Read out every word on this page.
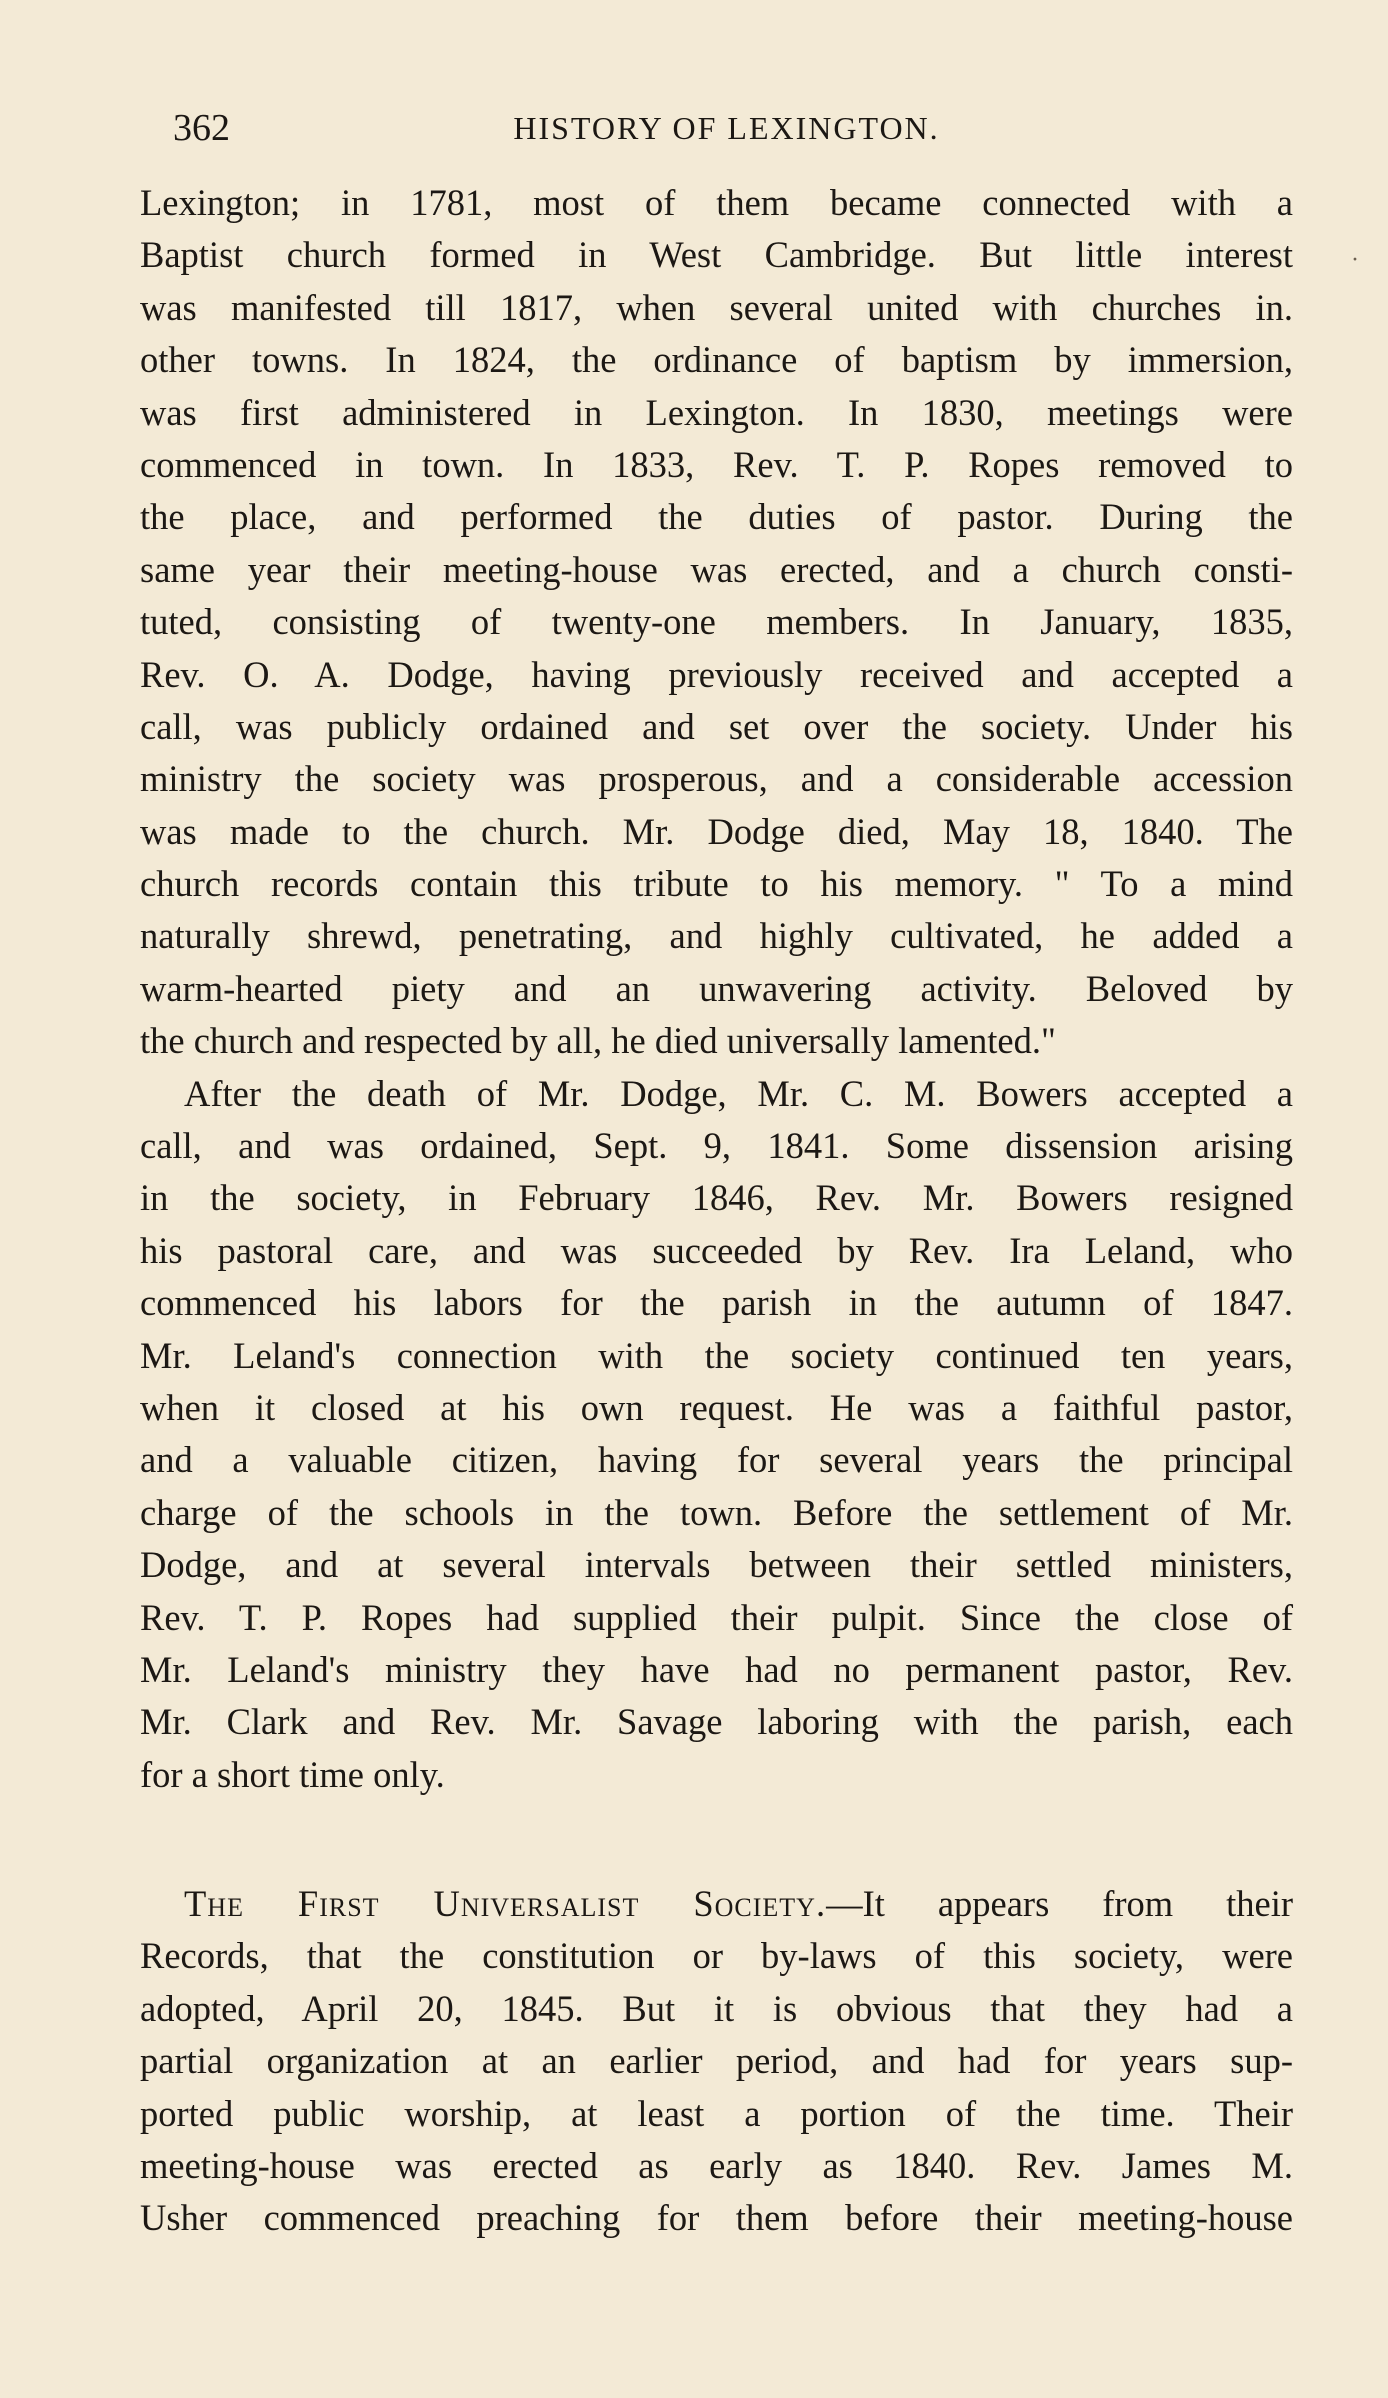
362	HISTORY OF LEXINGTON.
·
Lexington; in 1781, most of them became connected with a
Baptist church formed in West Cambridge. But little interest
was manifested till 1817, when several united with churches in.
other towns. In 1824, the ordinance of baptism by immersion,
was first administered in Lexington. In 1830, meetings were
commenced in town. In 1833, Rev. T. P. Ropes removed to
the place, and performed the duties of pastor. During the
same year their meeting-house was erected, and a church consti-
tuted, consisting of twenty-one members. In January, 1835,
Rev. O. A. Dodge, having previously received and accepted a
call, was publicly ordained and set over the society. Under his
ministry the society was prosperous, and a considerable accession
was made to the church. Mr. Dodge died, May 18, 1840. The
church records contain this tribute to his memory. " To a mind
naturally shrewd, penetrating, and highly cultivated, he added a
warm-hearted piety and an unwavering activity. Beloved by
the church and respected by all, he died universally lamented."
After the death of Mr. Dodge, Mr. C. M. Bowers accepted a
call, and was ordained, Sept. 9, 1841. Some dissension arising
in the society, in February 1846, Rev. Mr. Bowers resigned
his pastoral care, and was succeeded by Rev. Ira Leland, who
commenced his labors for the parish in the autumn of 1847.
Mr. Leland's connection with the society continued ten years,
when it closed at his own request. He was a faithful pastor,
and a valuable citizen, having for several years the principal
charge of the schools in the town. Before the settlement of Mr.
Dodge, and at several intervals between their settled ministers,
Rev. T. P. Ropes had supplied their pulpit. Since the close of
Mr. Leland's ministry they have had no permanent pastor, Rev.
Mr. Clark and Rev. Mr. Savage laboring with the parish, each
for a short time only.
The First Universalist Society.—It appears from their
Records, that the constitution or by-laws of this society, were
adopted, April 20, 1845. But it is obvious that they had a
partial organization at an earlier period, and had for years sup-
ported public worship, at least a portion of the time. Their
meeting-house was erected as early as 1840. Rev. James M.
Usher commenced preaching for them before their meeting-house
